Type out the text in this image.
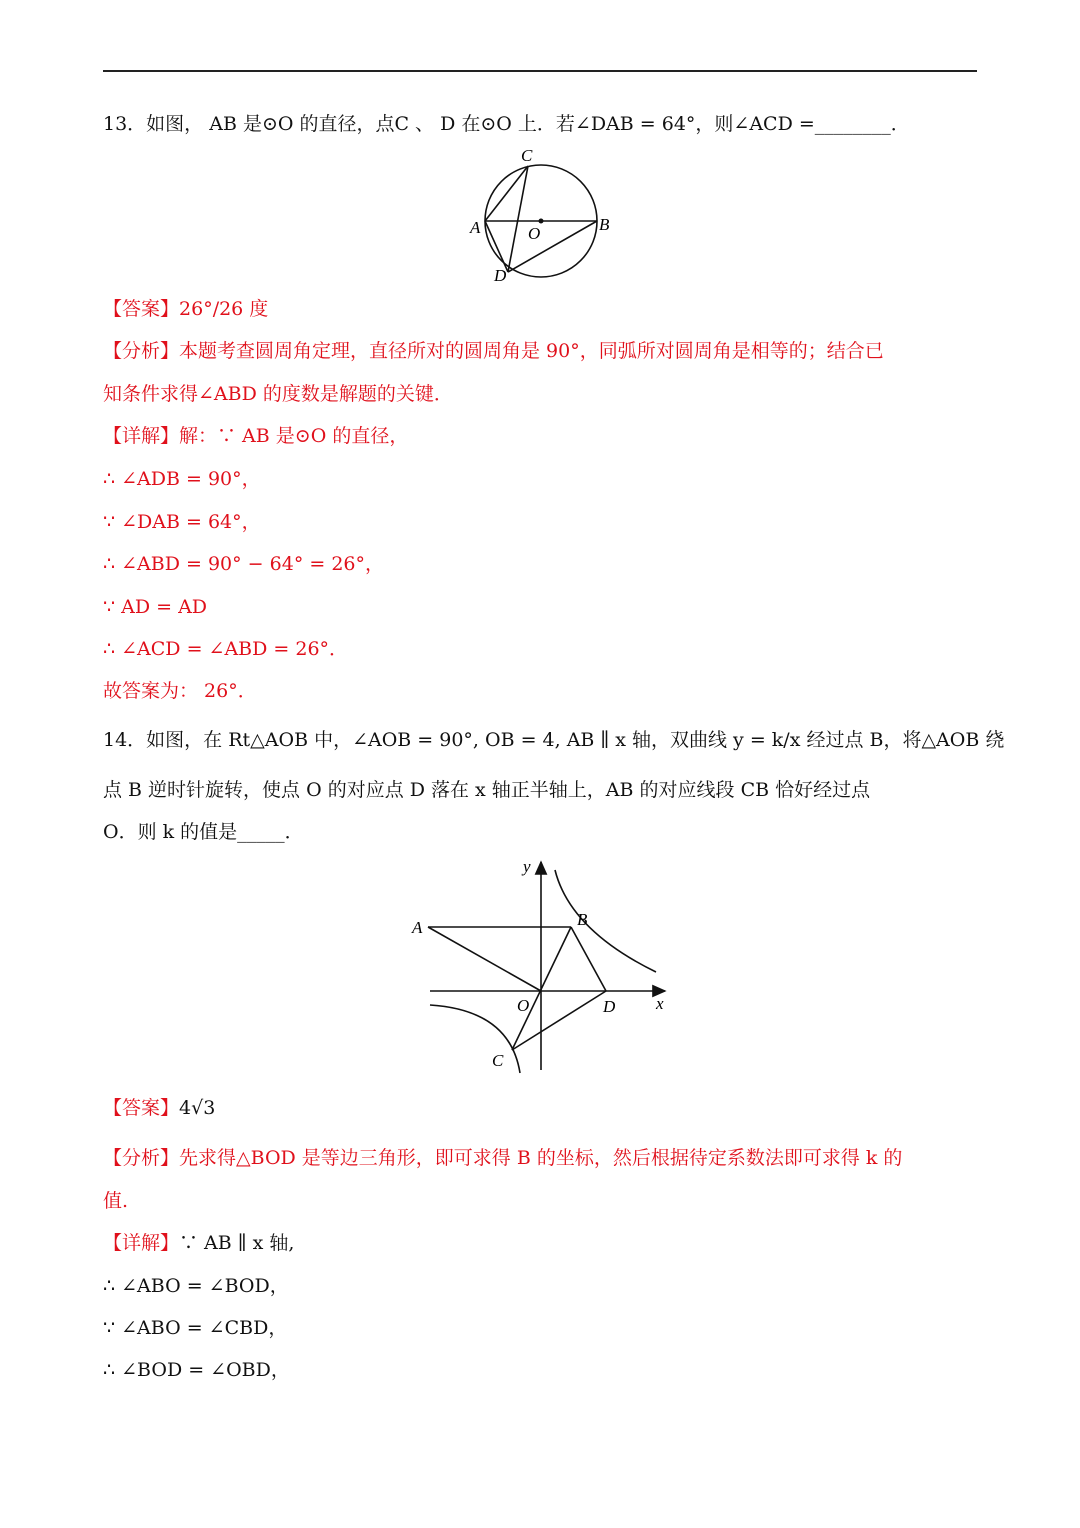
13．如图， AB 是⊙O 的直径，点C 、 D 在⊙O 上．若∠DAB = 64°，则∠ACD =________．
C
A	O	B
D
【答案】26°/26 度
【分析】本题考查圆周角定理，直径所对的圆周角是 90°，同弧所对圆周角是相等的；结合已
知条件求得∠ABD 的度数是解题的关键．
【详解】解：∵ AB 是⊙O 的直径，
∴ ∠ADB = 90°，
∵ ∠DAB = 64°，
∴ ∠ABD = 90° − 64° = 26°，
∵ AD = AD
∴ ∠ACD = ∠ABD = 26°．
故答案为： 26°．
14．如图，在 Rt△AOB 中，∠AOB = 90°, OB = 4, AB ∥ x 轴，双曲线 y = k/x 经过点 B，将△AOB 绕
点 B 逆时针旋转，使点 O 的对应点 D 落在 x 轴正半轴上，AB 的对应线段 CB 恰好经过点
O．则 k 的值是_____．
A	B
O	D
C
x
y
【答案】4√3
【分析】先求得△BOD 是等边三角形，即可求得 B 的坐标，然后根据待定系数法即可求得 k 的
值.
【详解】∵ AB ∥ x 轴,
∴ ∠ABO = ∠BOD，
∵ ∠ABO = ∠CBD，
∴ ∠BOD = ∠OBD，
